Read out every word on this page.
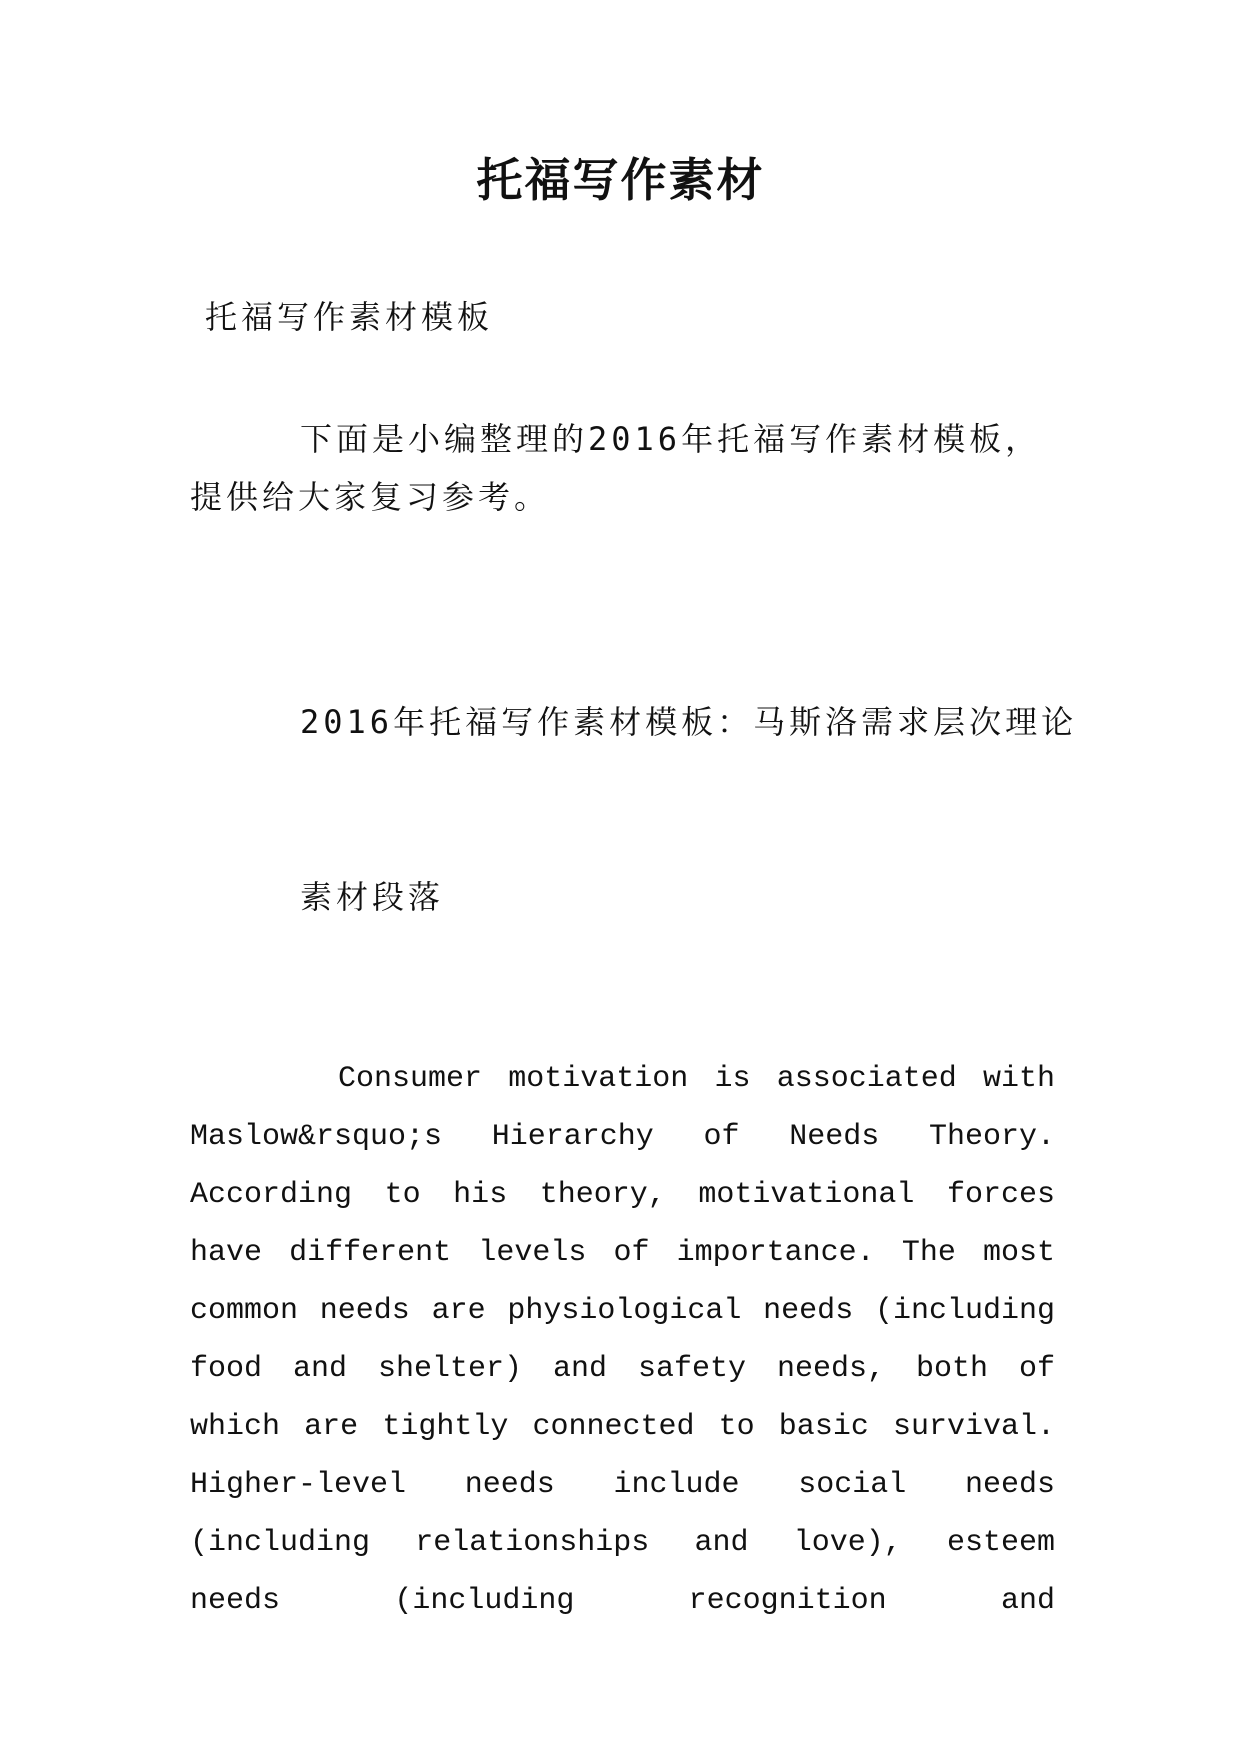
托福写作素材
托福写作素材模板
下面是小编整理的2016年托福写作素材模板，提供给大家复习参考。
2016年托福写作素材模板：马斯洛需求层次理论
素材段落
Consumer motivation is associated with Maslow&rsquo;s Hierarchy of Needs Theory. According to his theory, motivational forces have different levels of importance. The most common needs are physiological needs (including food and shelter) and safety needs, both of which are tightly connected to basic survival. Higher-level needs include social needs (including relationships and love), esteem needs (including recognition and
